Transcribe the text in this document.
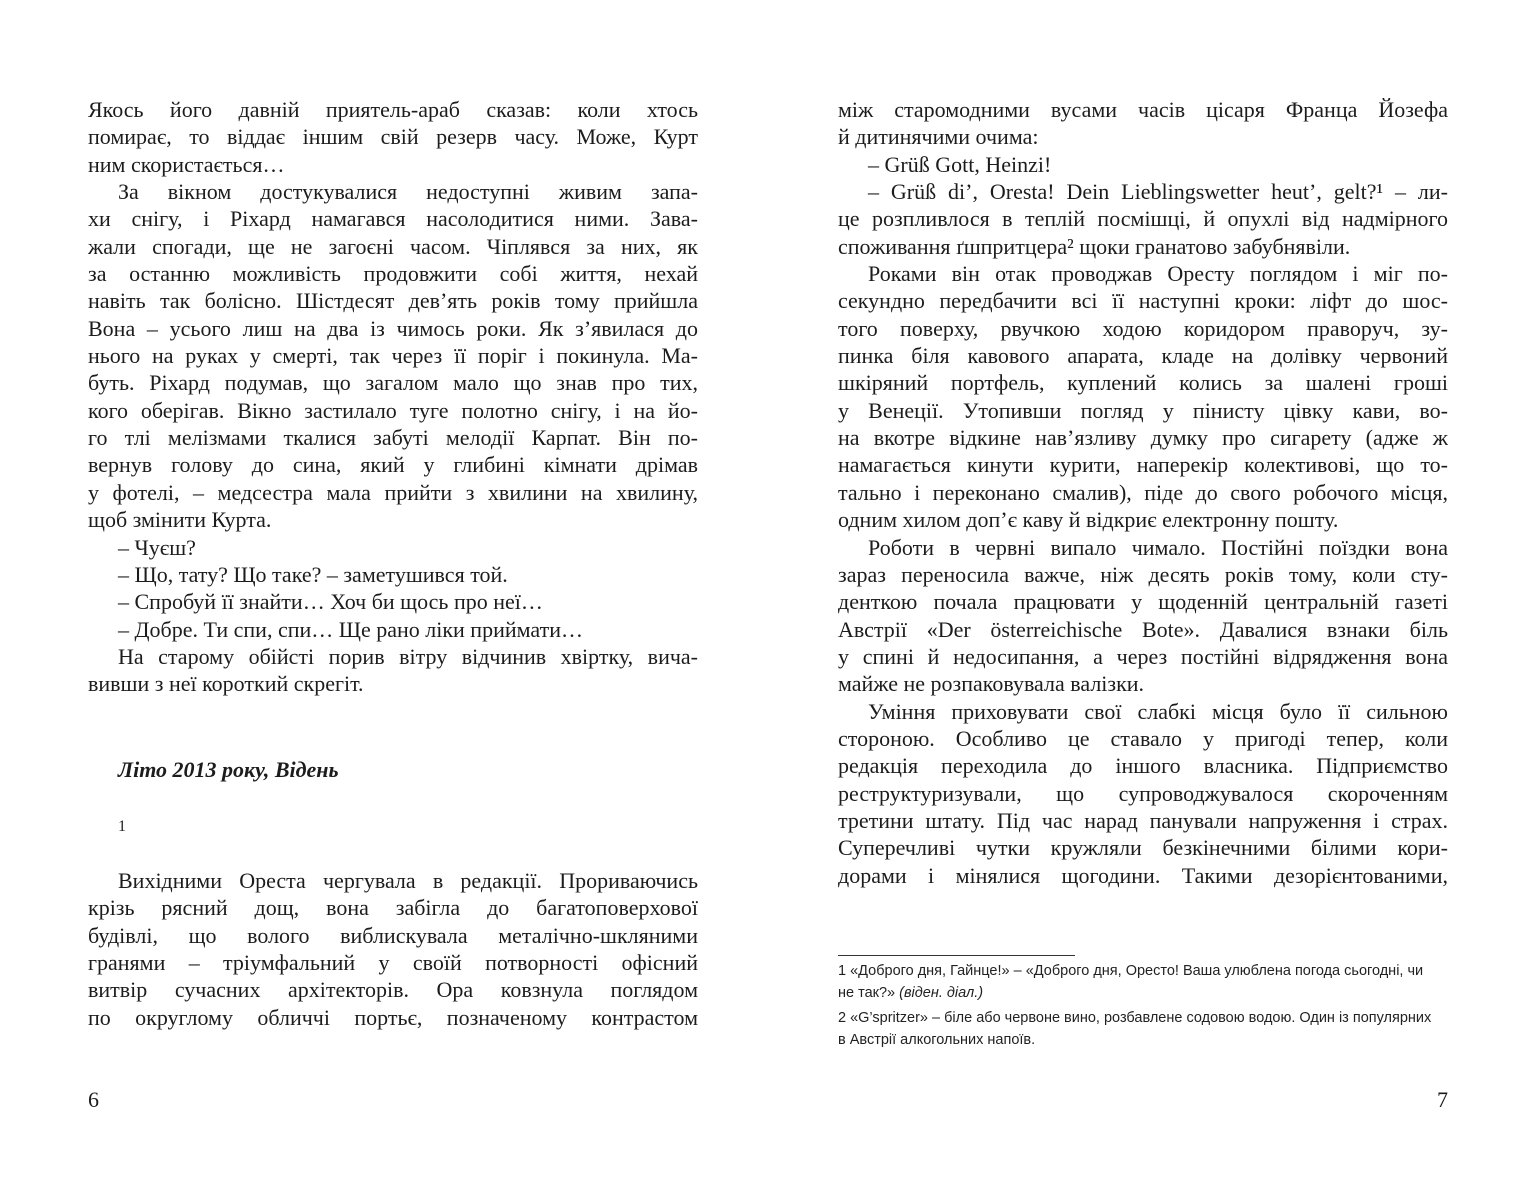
Якось його давній приятель-араб сказав: коли хтось
помирає, то віддає іншим свій резерв часу. Може, Курт
ним скористається…
За вікном достукувалися недоступні живим запа-
хи снігу, і Ріхард намагався насолодитися ними. Зава-
жали спогади, ще не загоєні часом. Чіплявся за них, як
за останню можливість продовжити собі життя, нехай
навіть так болісно. Шістдесят дев’ять років тому прийшла
Вона – усього лиш на два із чимось роки. Як з’явилася до
нього на руках у смерті, так через її поріг і покинула. Ма-
буть. Ріхард подумав, що загалом мало що знав про тих,
кого оберігав. Вікно застилало туге полотно снігу, і на йо-
го тлі мелізмами ткалися забуті мелодії Карпат. Він по-
вернув голову до сина, який у глибині кімнати дрімав
у фотелі, – медсестра мала прийти з хвилини на хвилину,
щоб змінити Курта.
– Чуєш?
– Що, тату? Що таке? – заметушився той.
– Спробуй її знайти… Хоч би щось про неї…
– Добре. Ти спи, спи… Ще рано ліки приймати…
На старому обійсті порив вітру відчинив хвіртку, вича-
вивши з неї короткий скрегіт.
Літо 2013 року, Відень
1
Вихідними Ореста чергувала в редакції. Прориваючись
крізь рясний дощ, вона забігла до багатоповерхової
будівлі, що волого виблискувала металічно-шкляними
гранями – тріумфальний у своїй потворності офісний
витвір сучасних архітекторів. Ора ковзнула поглядом
по округлому обличчі портьє, позначеному контрастом
6
між старомодними вусами часів цісаря Франца Йозефа
й дитинячими очима:
– Grüß Gott, Heinzi!
– Grüß di’, Oresta! Dein Lieblingswetter heut’, gelt?¹ – ли-
це розпливлося в теплій посмішці, й опухлі від надмірного
споживання ґшпритцера² щоки гранатово забубнявіли.
Роками він отак проводжав Оресту поглядом і міг по-
секундно передбачити всі її наступні кроки: ліфт до шос-
того поверху, рвучкою ходою коридором праворуч, зу-
пинка біля кавового апарата, кладе на долівку червоний
шкіряний портфель, куплений колись за шалені гроші
у Венеції. Утопивши погляд у пінисту цівку кави, во-
на вкотре відкине нав’язливу думку про сигарету (адже ж
намагається кинути курити, наперекір колективові, що то-
тально і переконано смалив), піде до свого робочого місця,
одним хилом доп’є каву й відкриє електронну пошту.
Роботи в червні випало чимало. Постійні поїздки вона
зараз переносила важче, ніж десять років тому, коли сту-
денткою почала працювати у щоденній центральній газеті
Австрії «Der österreichische Bote». Давалися взнаки біль
у спині й недосипання, а через постійні відрядження вона
майже не розпаковувала валізки.
Уміння приховувати свої слабкі місця було її сильною
стороною. Особливо це ставало у пригоді тепер, коли
редакція переходила до іншого власника. Підприємство
реструктуризували, що супроводжувалося скороченням
третини штату. Під час нарад панували напруження і страх.
Суперечливі чутки кружляли безкінечними білими кори-
дорами і мінялися щогодини. Такими дезорієнтованими,
1 «Доброго дня, Гайнце!» – «Доброго дня, Оресто! Ваша улюблена погода сьогодні, чи
не так?» (віден. діал.)
2 «G’spritzer» – біле або червоне вино, розбавлене содовою водою. Один із популярних
в Австрії алкогольних напоїв.
7
